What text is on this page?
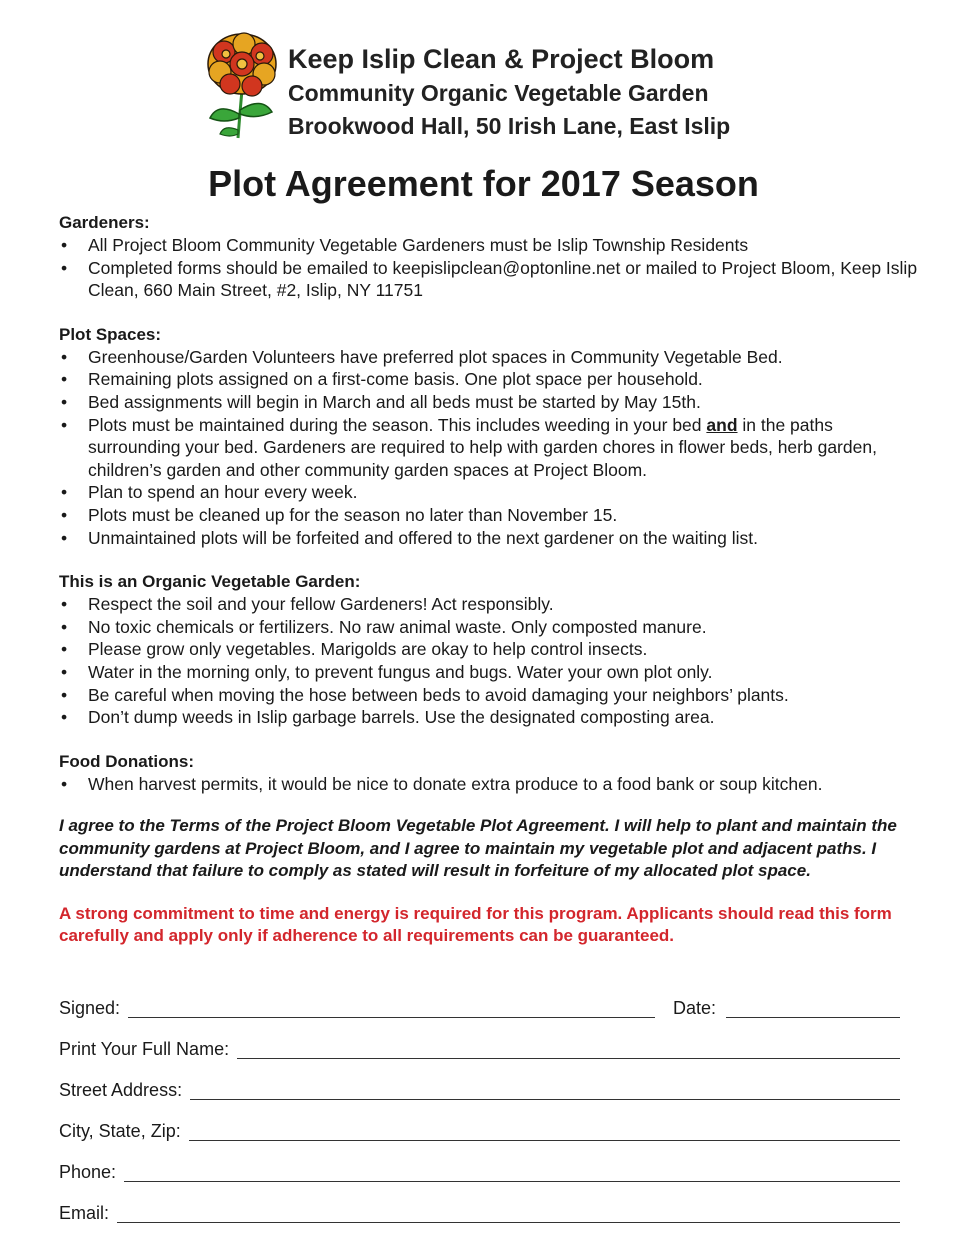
Keep Islip Clean & Project Bloom
Community Organic Vegetable Garden
Brookwood Hall, 50 Irish Lane, East Islip
Plot Agreement for 2017 Season
Gardeners:
• All Project Bloom Community Vegetable Gardeners must be Islip Township Residents
• Completed forms should be emailed to keepislipclean@optonline.net or mailed to Project Bloom, Keep Islip Clean, 660 Main Street, #2, Islip, NY 11751
Plot Spaces:
• Greenhouse/Garden Volunteers have preferred plot spaces in Community Vegetable Bed.
• Remaining plots assigned on a first-come basis. One plot space per household.
• Bed assignments will begin in March and all beds must be started by May 15th.
• Plots must be maintained during the season. This includes weeding in your bed and in the paths surrounding your bed. Gardeners are required to help with garden chores in flower beds, herb garden, children’s garden and other community garden spaces at Project Bloom.
• Plan to spend an hour every week.
• Plots must be cleaned up for the season no later than November 15.
• Unmaintained plots will be forfeited and offered to the next gardener on the waiting list.
This is an Organic Vegetable Garden:
• Respect the soil and your fellow Gardeners! Act responsibly.
• No toxic chemicals or fertilizers. No raw animal waste. Only composted manure.
• Please grow only vegetables. Marigolds are okay to help control insects.
• Water in the morning only, to prevent fungus and bugs. Water your own plot only.
• Be careful when moving the hose between beds to avoid damaging your neighbors’ plants.
• Don’t dump weeds in Islip garbage barrels. Use the designated composting area.
Food Donations:
• When harvest permits, it would be nice to donate extra produce to a food bank or soup kitchen.
I agree to the Terms of the Project Bloom Vegetable Plot Agreement. I will help to plant and maintain the community gardens at Project Bloom, and I agree to maintain my vegetable plot and adjacent paths. I understand that failure to comply as stated will result in forfeiture of my allocated plot space.
A strong commitment to time and energy is required for this program. Applicants should read this form carefully and apply only if adherence to all requirements can be guaranteed.
Signed:	Date:
Print Your Full Name:
Street Address:
City, State, Zip:
Phone:
Email:
